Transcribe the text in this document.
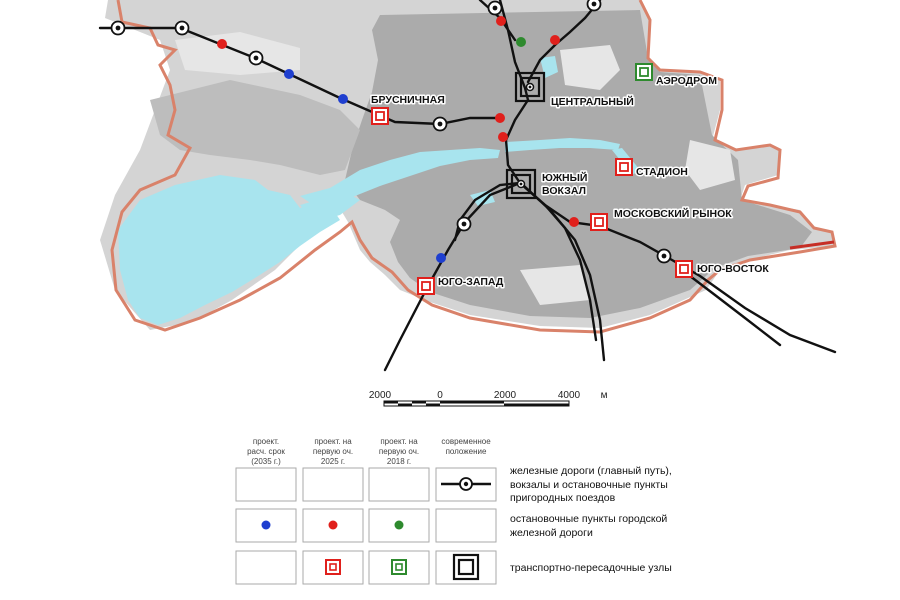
БРУСНИЧНАЯ	ЦЕНТРАЛЬНЫЙ
АЭРОДРОМ
СТАДИОН
ЮЖНЫЙ
ВОКЗАЛ
МОСКОВСКИЙ РЫНОК
ЮГО-ВОСТОК
ЮГО-ЗАПАД
2000	0	2000	4000 м
проект.
расч. срок
(2035 г.)
проект. на
первую оч.
2025 г.
проект. на
первую оч.
2018 г.
современное
положение
железные дороги (главный путь),
вокзалы и остановочные пункты
пригородных поездов
остановочные пункты городской
железной дороги
транспортно-пересадочные узлы
